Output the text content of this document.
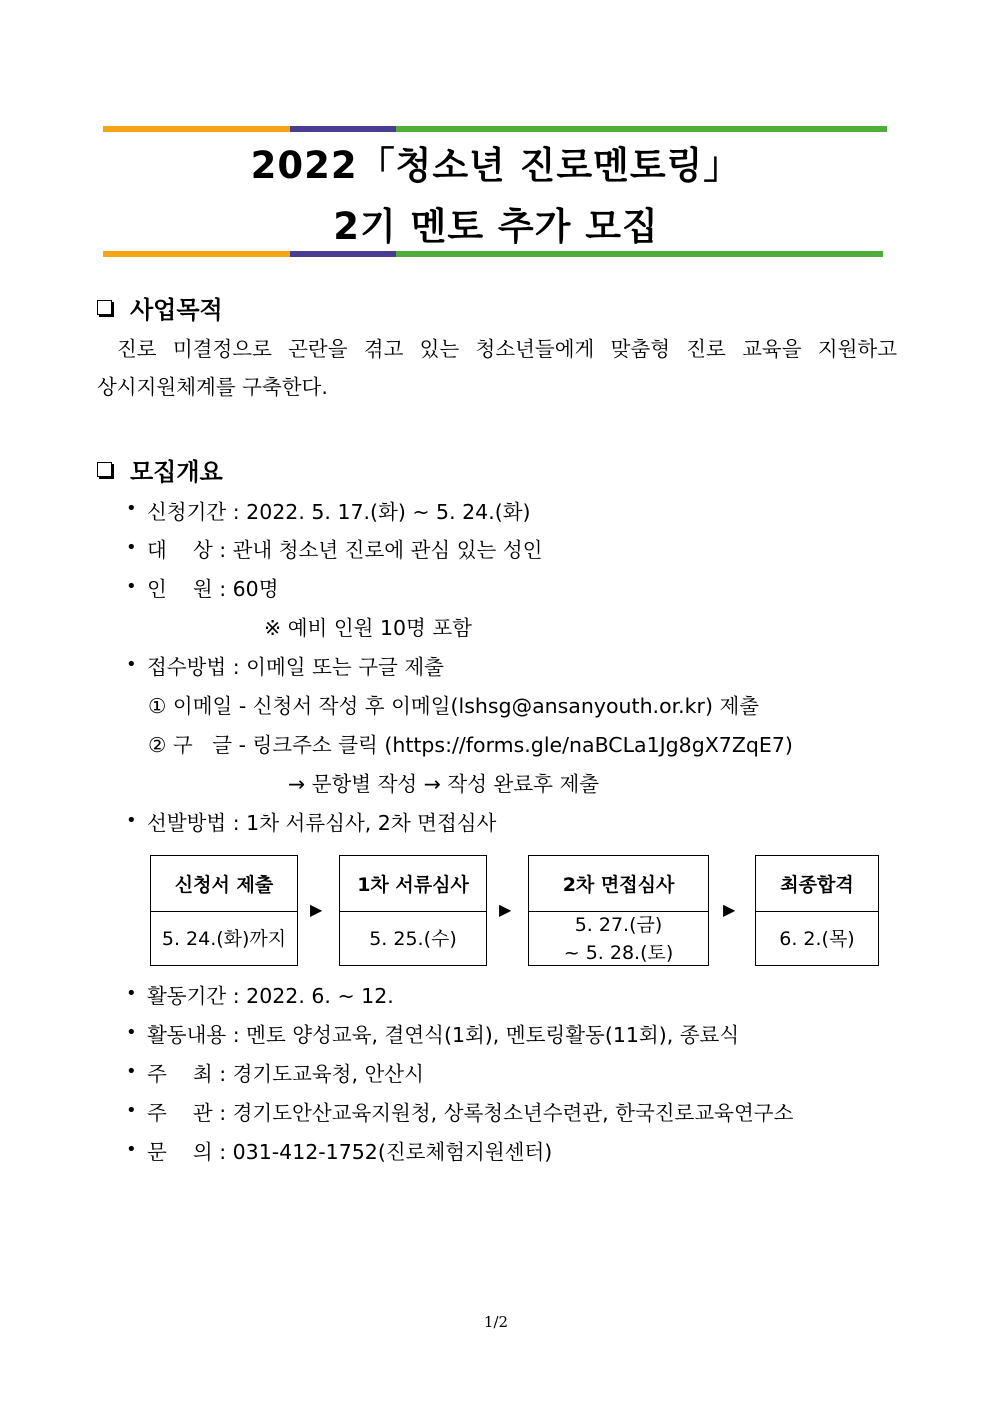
2022「청소년 진로멘토링」
2기 멘토 추가 모집
사업목적
진로 미결정으로 곤란을 겪고 있는 청소년들에게 맞춤형 진로 교육을 지원하고
상시지원체계를 구축한다.
모집개요
• 신청기간 : 2022. 5. 17.(화) ~ 5. 24.(화)
• 대    상 : 관내 청소년 진로에 관심 있는 성인
• 인    원 : 60명
※ 예비 인원 10명 포함
• 접수방법 : 이메일 또는 구글 제출
① 이메일 - 신청서 작성 후 이메일(lshsg@ansanyouth.or.kr) 제출
② 구   글 - 링크주소 클릭 (https://forms.gle/naBCLa1Jg8gX7ZqE7)
→ 문항별 작성 → 작성 완료후 제출
• 선발방법 : 1차 서류심사, 2차 면접심사
신청서 제출
5. 24.(화)까지
▶
1차 서류심사
5. 25.(수)
▶
2차 면접심사
5. 27.(금)
~ 5. 28.(토)
▶
최종합격
6. 2.(목)
• 활동기간 : 2022. 6. ~ 12.
• 활동내용 : 멘토 양성교육, 결연식(1회), 멘토링활동(11회), 종료식
• 주    최 : 경기도교육청, 안산시
• 주    관 : 경기도안산교육지원청, 상록청소년수련관, 한국진로교육연구소
• 문    의 : 031-412-1752(진로체험지원센터)
1/2
